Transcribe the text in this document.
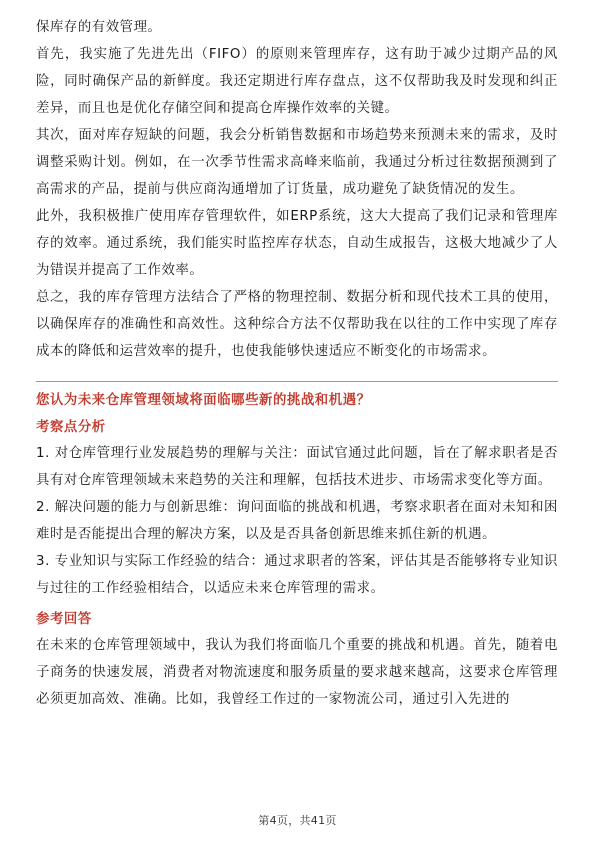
保库存的有效管理。

首先，我实施了先进先出（FIFO）的原则来管理库存，这有助于减少过期产品的风险，同时确保产品的新鲜度。我还定期进行库存盘点，这不仅帮助我及时发现和纠正差异，而且也是优化存储空间和提高仓库操作效率的关键。

其次，面对库存短缺的问题，我会分析销售数据和市场趋势来预测未来的需求，及时调整采购计划。例如，在一次季节性需求高峰来临前，我通过分析过往数据预测到了高需求的产品，提前与供应商沟通增加了订货量，成功避免了缺货情况的发生。

此外，我积极推广使用库存管理软件，如ERP系统，这大大提高了我们记录和管理库存的效率。通过系统，我们能实时监控库存状态，自动生成报告，这极大地减少了人为错误并提高了工作效率。

总之，我的库存管理方法结合了严格的物理控制、数据分析和现代技术工具的使用，以确保库存的准确性和高效性。这种综合方法不仅帮助我在以往的工作中实现了库存成本的降低和运营效率的提升，也使我能够快速适应不断变化的市场需求。

您认为未来仓库管理领域将面临哪些新的挑战和机遇？
考察点分析

1. 对仓库管理行业发展趋势的理解与关注：面试官通过此问题，旨在了解求职者是否具有对仓库管理领域未来趋势的关注和理解，包括技术进步、市场需求变化等方面。

2. 解决问题的能力与创新思维：询问面临的挑战和机遇，考察求职者在面对未知和困难时是否能提出合理的解决方案，以及是否具备创新思维来抓住新的机遇。

3. 专业知识与实际工作经验的结合：通过求职者的答案，评估其是否能够将专业知识与过往的工作经验相结合，以适应未来仓库管理的需求。

参考回答

在未来的仓库管理领域中，我认为我们将面临几个重要的挑战和机遇。首先，随着电子商务的快速发展，消费者对物流速度和服务质量的要求越来越高，这要求仓库管理必须更加高效、准确。比如，我曾经工作过的一家物流公司，通过引入先进的

第4页，共41页
